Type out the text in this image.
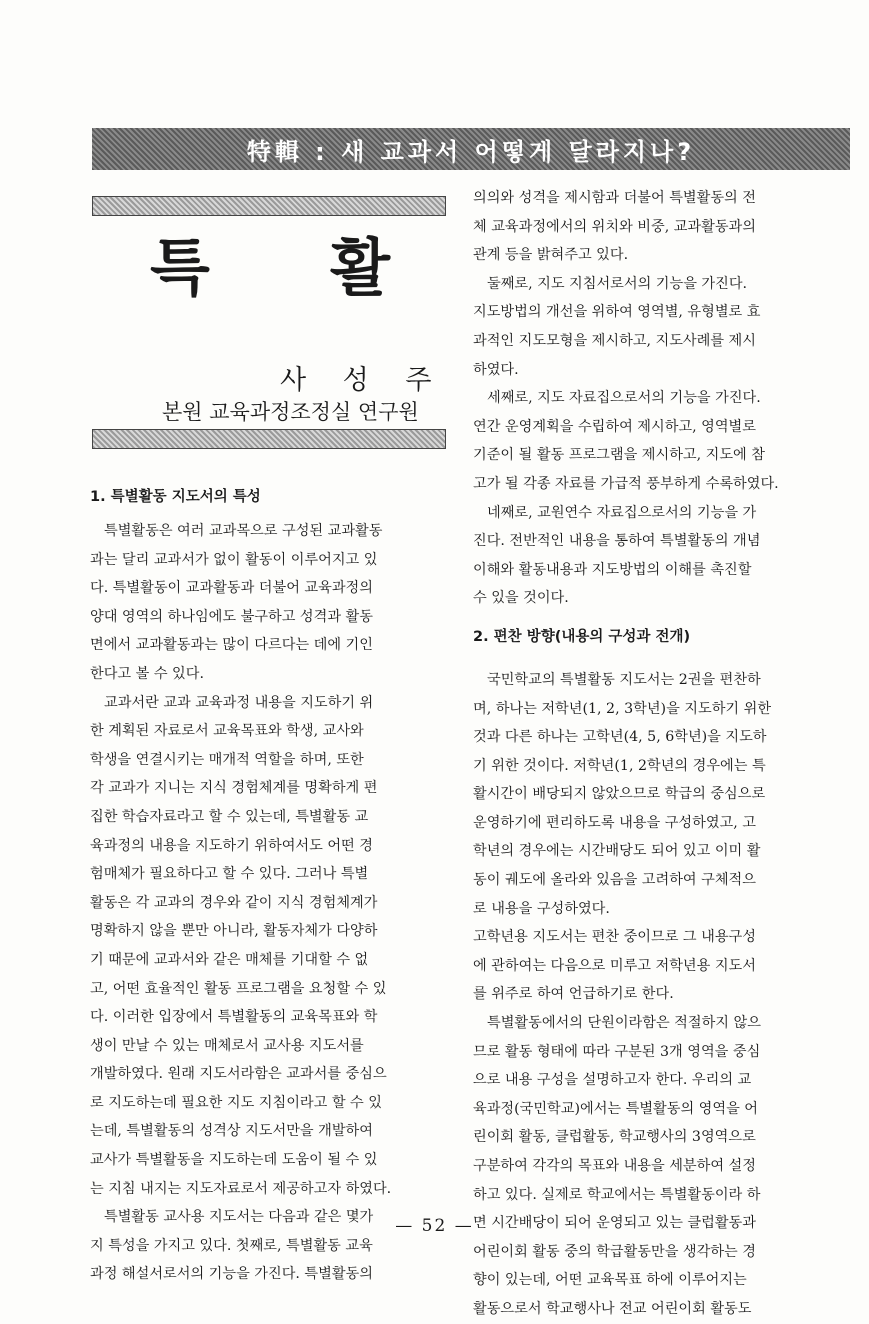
特輯 : 새 교과서 어떻게 달라지나?
특 활
사 성 주
본원 교육과정조정실 연구원
1. 특별활동 지도서의 특성
특별활동은 여러 교과목으로 구성된 교과활동
과는 달리 교과서가 없이 활동이 이루어지고 있
다. 특별활동이 교과활동과 더불어 교육과정의
양대 영역의 하나임에도 불구하고 성격과 활동
면에서 교과활동과는 많이 다르다는 데에 기인
한다고 볼 수 있다.
교과서란 교과 교육과정 내용을 지도하기 위
한 계획된 자료로서 교육목표와 학생, 교사와
학생을 연결시키는 매개적 역할을 하며, 또한
각 교과가 지니는 지식 경험체계를 명확하게 편
집한 학습자료라고 할 수 있는데, 특별활동 교
육과정의 내용을 지도하기 위하여서도 어떤 경
험매체가 필요하다고 할 수 있다. 그러나 특별
활동은 각 교과의 경우와 같이 지식 경험체계가
명확하지 않을 뿐만 아니라, 활동자체가 다양하
기 때문에 교과서와 같은 매체를 기대할 수 없
고, 어떤 효율적인 활동 프로그램을 요청할 수 있
다. 이러한 입장에서 특별활동의 교육목표와 학
생이 만날 수 있는 매체로서 교사용 지도서를
개발하였다. 원래 지도서라함은 교과서를 중심으
로 지도하는데 필요한 지도 지침이라고 할 수 있
는데, 특별활동의 성격상 지도서만을 개발하여
교사가 특별활동을 지도하는데 도움이 될 수 있
는 지침 내지는 지도자료로서 제공하고자 하였다.
특별활동 교사용 지도서는 다음과 같은 몇가
지 특성을 가지고 있다. 첫째로, 특별활동 교육
과정 해설서로서의 기능을 가진다. 특별활동의
의의와 성격을 제시함과 더불어 특별활동의 전
체 교육과정에서의 위치와 비중, 교과활동과의
관계 등을 밝혀주고 있다.
둘째로, 지도 지침서로서의 기능을 가진다.
지도방법의 개선을 위하여 영역별, 유형별로 효
과적인 지도모형을 제시하고, 지도사례를 제시
하였다.
세째로, 지도 자료집으로서의 기능을 가진다.
연간 운영계획을 수립하여 제시하고, 영역별로
기준이 될 활동 프로그램을 제시하고, 지도에 참
고가 될 각종 자료를 가급적 풍부하게 수록하였다.
네째로, 교원연수 자료집으로서의 기능을 가
진다. 전반적인 내용을 통하여 특별활동의 개념
이해와 활동내용과 지도방법의 이해를 촉진할
수 있을 것이다.
2. 편찬 방향(내용의 구성과 전개)
국민학교의 특별활동 지도서는 2권을 편찬하
며, 하나는 저학년(1, 2, 3학년)을 지도하기 위한
것과 다른 하나는 고학년(4, 5, 6학년)을 지도하
기 위한 것이다. 저학년(1, 2학년의 경우에는 특
활시간이 배당되지 않았으므로 학급의 중심으로
운영하기에 편리하도록 내용을 구성하였고, 고
학년의 경우에는 시간배당도 되어 있고 이미 활
동이 궤도에 올라와 있음을 고려하여 구체적으
로 내용을 구성하였다.
고학년용 지도서는 편찬 중이므로 그 내용구성
에 관하여는 다음으로 미루고 저학년용 지도서
를 위주로 하여 언급하기로 한다.
특별활동에서의 단원이라함은 적절하지 않으
므로 활동 형태에 따라 구분된 3개 영역을 중심
으로 내용 구성을 설명하고자 한다. 우리의 교
육과정(국민학교)에서는 특별활동의 영역을 어
린이회 활동, 클럽활동, 학교행사의 3영역으로
구분하여 각각의 목표와 내용을 세분하여 설정
하고 있다. 실제로 학교에서는 특별활동이라 하
면 시간배당이 되어 운영되고 있는 클럽활동과
어린이회 활동 중의 학급활동만을 생각하는 경
향이 있는데, 어떤 교육목표 하에 이루어지는
활동으로서 학교행사나 전교 어린이회 활동도
— 52 —
